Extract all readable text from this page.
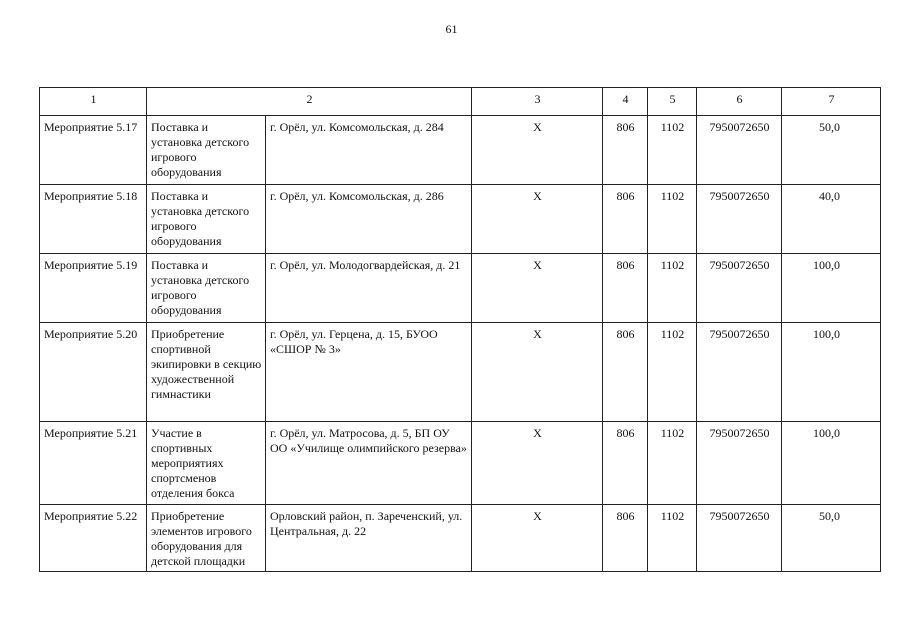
61
1	2		3	4	5	6	7
Мероприятие 5.17	Поставка и установка детского игрового оборудования	г. Орёл, ул. Комсомольская, д. 284	Х	806	1102	7950072650	50,0
Мероприятие 5.18	Поставка и установка детского игрового оборудования	г. Орёл, ул. Комсомольская, д. 286	Х	806	1102	7950072650	40,0
Мероприятие 5.19	Поставка и установка детского игрового оборудования	г. Орёл, ул. Молодогвардейская, д. 21	Х	806	1102	7950072650	100,0
Мероприятие 5.20	Приобретение спортивной экипировки в секцию художественной гимнастики	г. Орёл, ул. Герцена, д. 15, БУОО «СШОР № 3»	Х	806	1102	7950072650	100,0
Мероприятие 5.21	Участие в спортивных мероприятиях спортсменов отделения бокса	г. Орёл, ул. Матросова, д. 5, БП ОУ ОО «Училище олимпийского резерва»	Х	806	1102	7950072650	100,0
Мероприятие 5.22	Приобретение элементов игрового оборудования для детской площадки	Орловский район, п. Зареченский, ул. Центральная, д. 22	Х	806	1102	7950072650	50,0
